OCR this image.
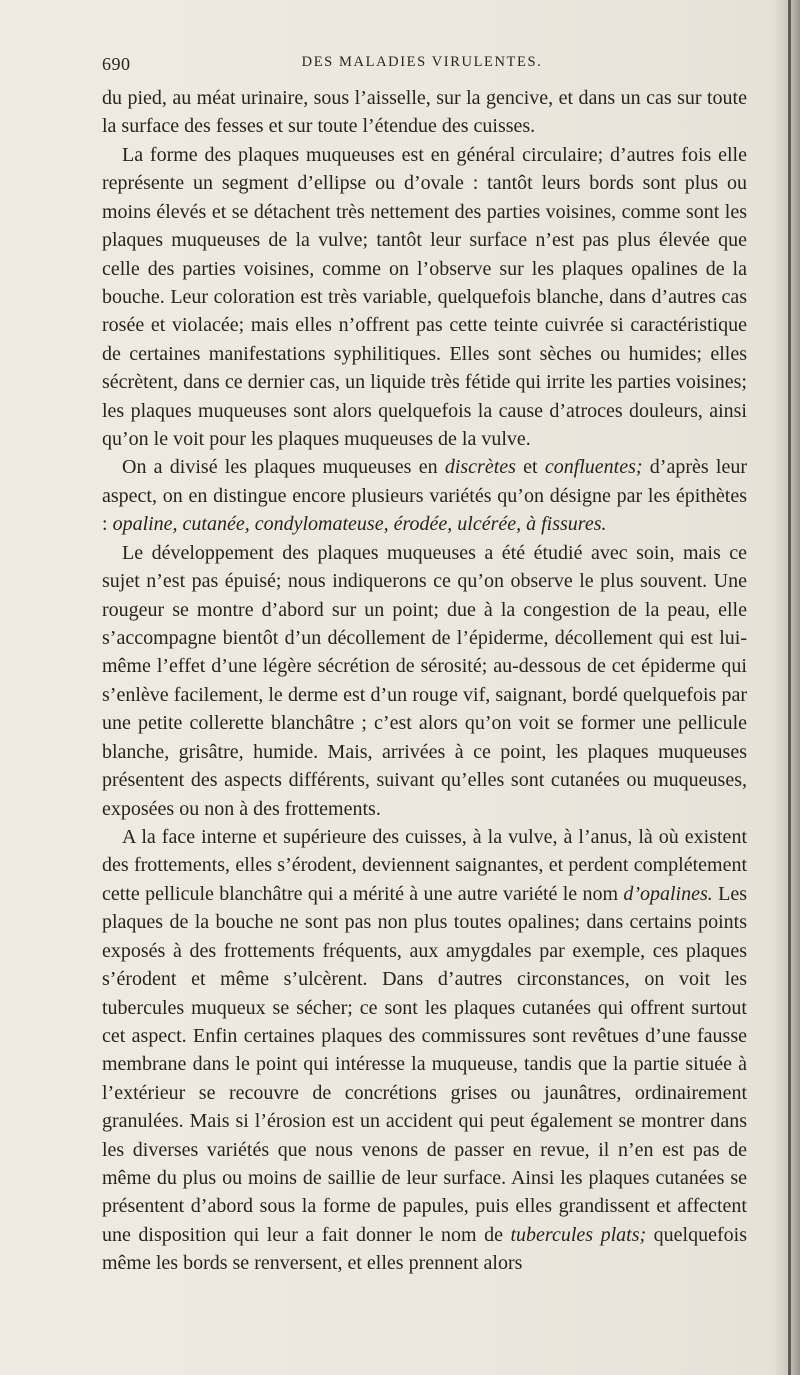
690	DES MALADIES VIRULENTES.

du pied, au méat urinaire, sous l’aisselle, sur la gencive, et dans un cas sur toute la surface des fesses et sur toute l’étendue des cuisses.

La forme des plaques muqueuses est en général circulaire; d’autres fois elle représente un segment d’ellipse ou d’ovale : tantôt leurs bords sont plus ou moins élevés et se détachent très nettement des parties voisines, comme sont les plaques muqueuses de la vulve; tantôt leur surface n’est pas plus élevée que celle des parties voisines, comme on l’observe sur les plaques opalines de la bouche. Leur coloration est très variable, quelquefois blanche, dans d’autres cas rosée et violacée; mais elles n’offrent pas cette teinte cuivrée si caractéristique de certaines manifestations syphilitiques. Elles sont sèches ou humides; elles sécrètent, dans ce dernier cas, un liquide très fétide qui irrite les parties voisines; les plaques muqueuses sont alors quelquefois la cause d’atroces douleurs, ainsi qu’on le voit pour les plaques muqueuses de la vulve.

On a divisé les plaques muqueuses en discrètes et confluentes; d’après leur aspect, on en distingue encore plusieurs variétés qu’on désigne par les épithètes : opaline, cutanée, condylomateuse, érodée, ulcérée, à fissures.

Le développement des plaques muqueuses a été étudié avec soin, mais ce sujet n’est pas épuisé; nous indiquerons ce qu’on observe le plus souvent. Une rougeur se montre d’abord sur un point; due à la congestion de la peau, elle s’accompagne bientôt d’un décollement de l’épiderme, décollement qui est lui-même l’effet d’une légère sécrétion de sérosité; au-dessous de cet épiderme qui s’enlève facilement, le derme est d’un rouge vif, saignant, bordé quelquefois par une petite collerette blanchâtre ; c’est alors qu’on voit se former une pellicule blanche, grisâtre, humide. Mais, arrivées à ce point, les plaques muqueuses présentent des aspects différents, suivant qu’elles sont cutanées ou muqueuses, exposées ou non à des frottements.

A la face interne et supérieure des cuisses, à la vulve, à l’anus, là où existent des frottements, elles s’érodent, deviennent saignantes, et perdent complétement cette pellicule blanchâtre qui a mérité à une autre variété le nom d’opalines. Les plaques de la bouche ne sont pas non plus toutes opalines; dans certains points exposés à des frottements fréquents, aux amygdales par exemple, ces plaques s’érodent et même s’ulcèrent. Dans d’autres circonstances, on voit les tubercules muqueux se sécher; ce sont les plaques cutanées qui offrent surtout cet aspect. Enfin certaines plaques des commissures sont revêtues d’une fausse membrane dans le point qui intéresse la muqueuse, tandis que la partie située à l’extérieur se recouvre de concrétions grises ou jaunâtres, ordinairement granulées. Mais si l’érosion est un accident qui peut également se montrer dans les diverses variétés que nous venons de passer en revue, il n’en est pas de même du plus ou moins de saillie de leur surface. Ainsi les plaques cutanées se présentent d’abord sous la forme de papules, puis elles grandissent et affectent une disposition qui leur a fait donner le nom de tubercules plats; quelquefois même les bords se renversent, et elles prennent alors
